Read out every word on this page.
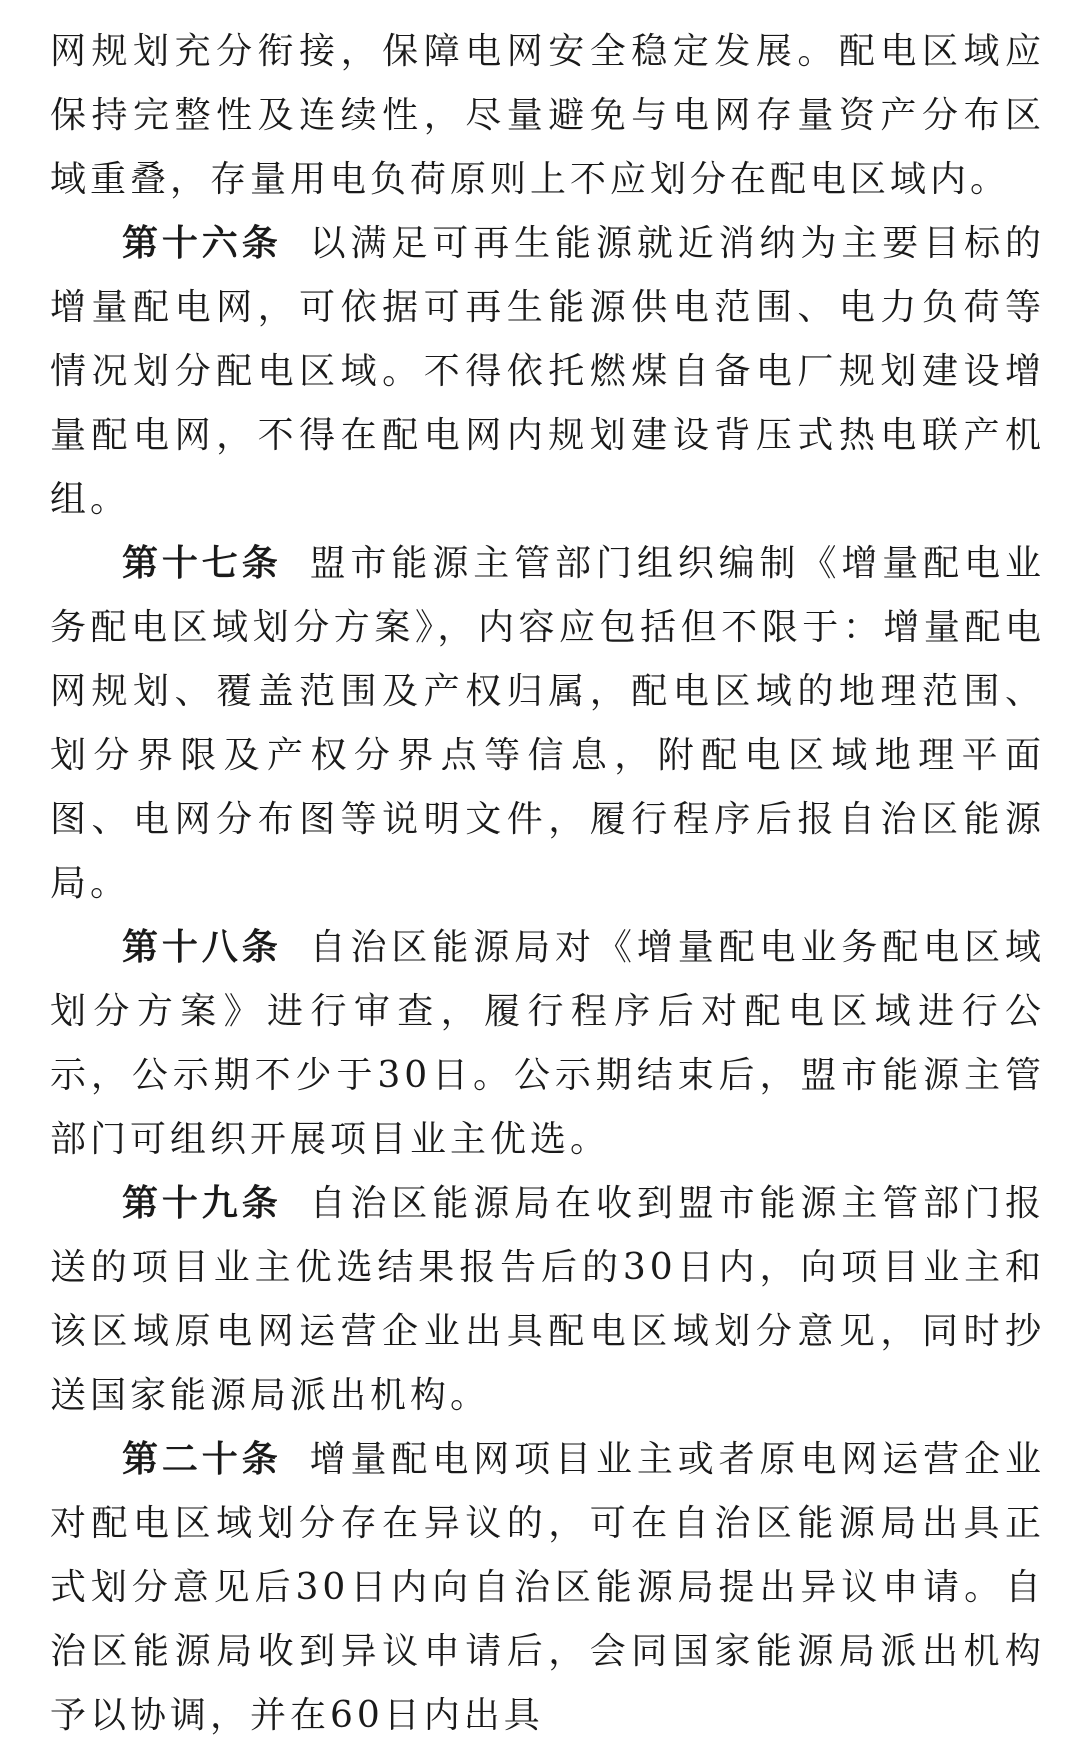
网规划充分衔接，保障电网安全稳定发展。配电区域应保持完整性及连续性，尽量避免与电网存量资产分布区域重叠，存量用电负荷原则上不应划分在配电区域内。

第十六条 以满足可再生能源就近消纳为主要目标的增量配电网，可依据可再生能源供电范围、电力负荷等情况划分配电区域。不得依托燃煤自备电厂规划建设增量配电网，不得在配电网内规划建设背压式热电联产机组。

第十七条 盟市能源主管部门组织编制《增量配电业务配电区域划分方案》，内容应包括但不限于：增量配电网规划、覆盖范围及产权归属，配电区域的地理范围、划分界限及产权分界点等信息，附配电区域地理平面图、电网分布图等说明文件，履行程序后报自治区能源局。

第十八条 自治区能源局对《增量配电业务配电区域划分方案》进行审查，履行程序后对配电区域进行公示，公示期不少于30日。公示期结束后，盟市能源主管部门可组织开展项目业主优选。

第十九条 自治区能源局在收到盟市能源主管部门报送的项目业主优选结果报告后的30日内，向项目业主和该区域原电网运营企业出具配电区域划分意见，同时抄送国家能源局派出机构。

第二十条 增量配电网项目业主或者原电网运营企业对配电区域划分存在异议的，可在自治区能源局出具正式划分意见后30日内向自治区能源局提出异议申请。自治区能源局收到异议申请后，会同国家能源局派出机构予以协调，并在60日内出具
